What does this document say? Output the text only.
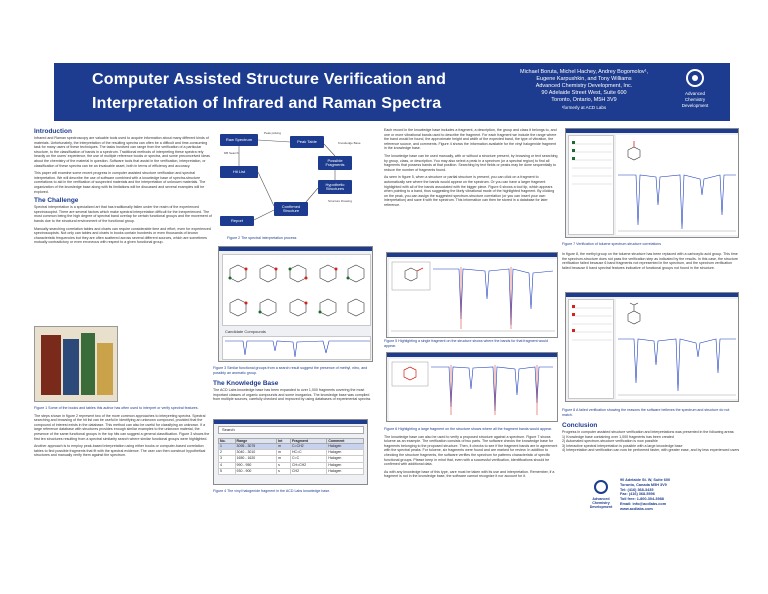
Computer Assisted Structure Verification and
Interpretation of Infrared and Raman Spectra
Michael Boruta, Michel Hachey, Andrey Bogomolov¹,
Eugene Karpushkin, and Tony Williams
Advanced Chemistry Development, Inc.
90 Adelaide Street West, Suite 600
Toronto, Ontario, M5H 3V9
¹formerly at ACD Labs
Advanced
Chemistry
Development
Introduction
Infrared and Raman spectroscopy are valuable tools used to acquire information about many different kinds of materials. Unfortunately, the interpretation of the resulting spectra can often be a difficult and time-consuming task for many users of these techniques. The tasks involved can range from the verification of a particular structure, to the classification of bands in a spectrum. Traditional methods of interpreting these spectra rely heavily on the users' experience, the use of multiple reference books or spectra, and some preconceived ideas about the chemistry of the material in question. Software tools that assist in the verification, interpretation, or classification of these spectra can be an invaluable asset, both in terms of efficiency and accuracy.
This paper will examine some recent progress in computer assisted structure verification and spectral interpretation. We will describe the use of software combined with a knowledge base of spectra-structure correlations to aid in the verification of suspected materials and the interpretation of unknown materials. The organization of the knowledge base along with its limitations will be discussed and several examples will be explored.
The Challenge
Spectral interpretation is a specialized art that has traditionally fallen under the realm of the experienced spectroscopist. There are several factors which make spectral interpretation difficult for the inexperienced. The most common being the high degree of spectral band overlap for certain functional groups and the movement of bands due to the structural environment of the functional group.
Manually searching correlation tables and charts can require considerable time and effort, even for experienced spectroscopists. Not only can tables and charts in books contain hundreds or even thousands of known characteristic frequencies but they are often scattered across several different sources, which are sometimes mutually contradictory or even erroneous with respect to a given functional group.
Figure 1 Some of the books and tables this author has often used to interpret or verify spectral features.
The steps shown in figure 2 represent two of the more common approaches to interpreting spectra. Spectral searching and browsing of the hit list can be useful in identifying an unknown compound, provided that the compound of interest exists in the database. This method can also be useful for classifying an unknown. If a large reference database with structures provides enough similar examples to the unknown material, the presence of the same functional groups in the top hits can suggest a general classification. Figure 3 shows the first ten structures resulting from a spectral similarity search where similar functional groups were highlighted.
Another approach is to employ peak-based interpretation using either books or computer-based correlation tables to find possible fragments that fit with the spectral evidence. The user can then construct hypothetical structures and manually verify them against the spectrum.
Raw Spectrum	Peak Table
Hit List
Possible Fragments
Hypothetic Structures
Confirmed Structure
Report
Peak picking
DB Search
Knowledge Base
Structure Drawing
Figure 2 The spectral interpretation process
Candidate Compounds
Figure 3 Similar functional groups from a search result suggest the presence of methyl, nitro, and possibly an aromatic group.
The Knowledge Base
The ACD Labs knowledge base has been expanded to over 1,000 fragments covering the most important classes of organic compounds and some inorganics. The knowledge base was compiled from multiple sources, carefully checked and improved by using databases of experimental spectra.
Search
No.	Range	Int	Fragment	Comment
1	3095 - 3075	m	C=CH2	Halogen
2	3040 - 3010	m	HC=C	Halogen
3	1650 - 1620	m	C=C	Halogen
4	990 - 950	s	CH=CH2	Halogen
5	930 - 900	s	CH2	Halogen
Figure 4 The vinyl halogenide fragment in the ACD Labs knowledge base.
Each record in the knowledge base includes a fragment, a description, the group and class it belongs to, and one or more vibrational bands used to describe the fragment. For each fragment we include the range where the band would be found, the approximate height and width of the expected band, the type of vibration, the reference source, and comments. Figure 4 shows the information available for the vinyl halogenide fragment in the knowledge base.
The knowledge base can be used manually, with or without a structure present, by browsing or text searching by group, class, or description. You may also select a peak in a spectrum (or a spectral region) to find all fragments that possess bands at that position. Searching by text fields or peaks may be done sequentially to reduce the number of fragments found.
As seen in figure 5, when a structure or partial structure is present, you can click on a fragment to automatically see where the bands would appear on the spectrum. Or you can have a larger fragment highlighted with all of the bands associated with the bigger piece. Figure 6 shows a tool tip, which appears when pointing to a band, thus suggesting the likely vibrational mode of the highlighted fragment. By clicking on the peak, you can assign the suggested spectrum-structure correlation (or you can insert your own interpretation) and save it with the spectrum. This information can then be stored in a database for later reference.
Figure 5 Highlighting a single fragment on the structure shows where the bands for that fragment would appear.
Figure 6 Highlighting a large fragment on the structure shows where all the fragment bands would appear.
The knowledge base can also be used to verify a proposed structure against a spectrum. Figure 7 shows toluene as an example. The verification consists of two parts. The software checks the knowledge base for fragments belonging to the proposed structure. Then, it checks to see if the fragment bands are in agreement with the spectral peaks. For toluene, six fragments were found and are marked for review. In addition to checking the structure fragments, the software verifies the spectrum for patterns characteristic of specific functional groups. Please keep in mind that, even with a successful verification, identifications should be confirmed with additional data.
As with any knowledge base of this type, care must be taken with its use and interpretation. Remember, if a fragment is not in the knowledge base, the software cannot recognize it nor account for it.
Figure 7 Verification of toluene spectrum-structure correlations
In figure 8, the methyl group on the toluene structure has been replaced with a carboxylic acid group. This time the spectrum-structure does not pass the verification step as indicated by the results. In this case, the structure verification failed because 6 band fragments not represented in the spectrum, and the spectrum verification failed because 6 band spectral features indicative of functional groups not found in the structure.
Figure 8 A failed verification showing the reasons the software believes the spectrum and structure do not match.
Conclusion
Progress in computer assisted structure verification and interpretations was presented in the following areas:
1) Knowledge base containing over 1,000 fragments has been created
2) Automated spectrum-structure verification is now possible
3) Interactive spectral interpretation is possible with a large knowledge base
4) Interpretation and verification can now be performed faster, with greater ease, and by less experienced users
Advanced
Chemistry
Development
90 Adelaide St. W, Suite 600
Toronto, Canada M5H 3V9
Tel: (416) 368-3435
Fax: (416) 368-5596
Toll free: 1-800-304-3988
Email: info@acdlabs.com
www.acdlabs.com
